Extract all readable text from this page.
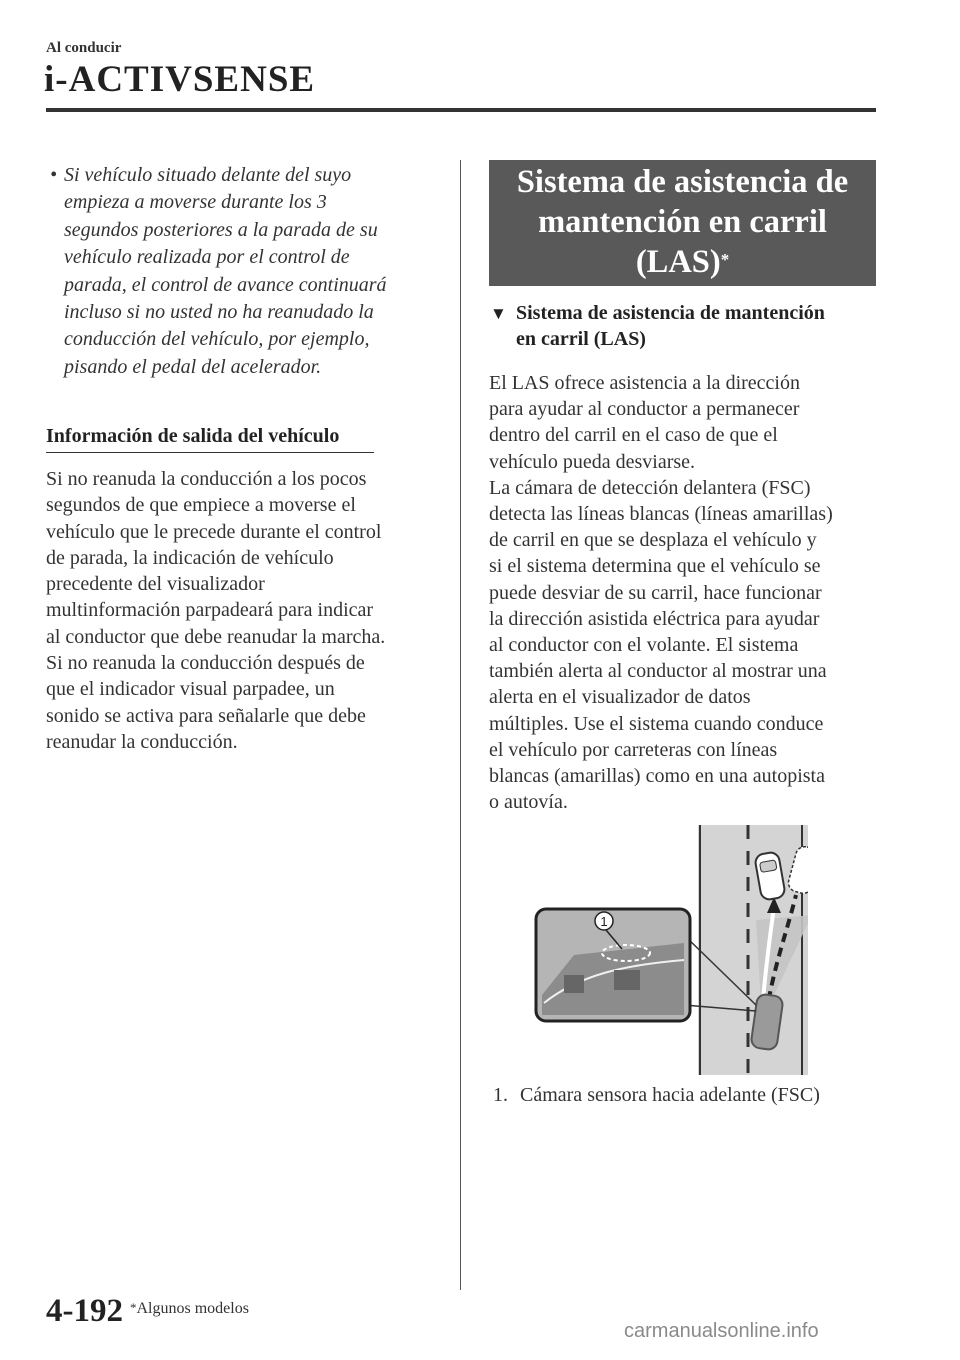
Al conducir
i-ACTIVSENSE
• Si vehículo situado delante del suyo
empieza a moverse durante los 3
segundos posteriores a la parada de su
vehículo realizada por el control de
parada, el control de avance continuará
incluso si no usted no ha reanudado la
conducción del vehículo, por ejemplo,
pisando el pedal del acelerador.
Información de salida del vehículo
Si no reanuda la conducción a los pocos
segundos de que empiece a moverse el
vehículo que le precede durante el control
de parada, la indicación de vehículo
precedente del visualizador
multinformación parpadeará para indicar
al conductor que debe reanudar la marcha.
Si no reanuda la conducción después de
que el indicador visual parpadee, un
sonido se activa para señalarle que debe
reanudar la conducción.
Sistema de asistencia de
mantención en carril
(LAS)*
▼ Sistema de asistencia de mantención
en carril (LAS)
El LAS ofrece asistencia a la dirección
para ayudar al conductor a permanecer
dentro del carril en el caso de que el
vehículo pueda desviarse.
La cámara de detección delantera (FSC)
detecta las líneas blancas (líneas amarillas)
de carril en que se desplaza el vehículo y
si el sistema determina que el vehículo se
puede desviar de su carril, hace funcionar
la dirección asistida eléctrica para ayudar
al conductor con el volante. El sistema
también alerta al conductor al mostrar una
alerta en el visualizador de datos
múltiples. Use el sistema cuando conduce
el vehículo por carreteras con líneas
blancas (amarillas) como en una autopista
o autovía.
1
1. Cámara sensora hacia adelante (FSC)
4-192 *Algunos modelos
carmanualsonline.info
